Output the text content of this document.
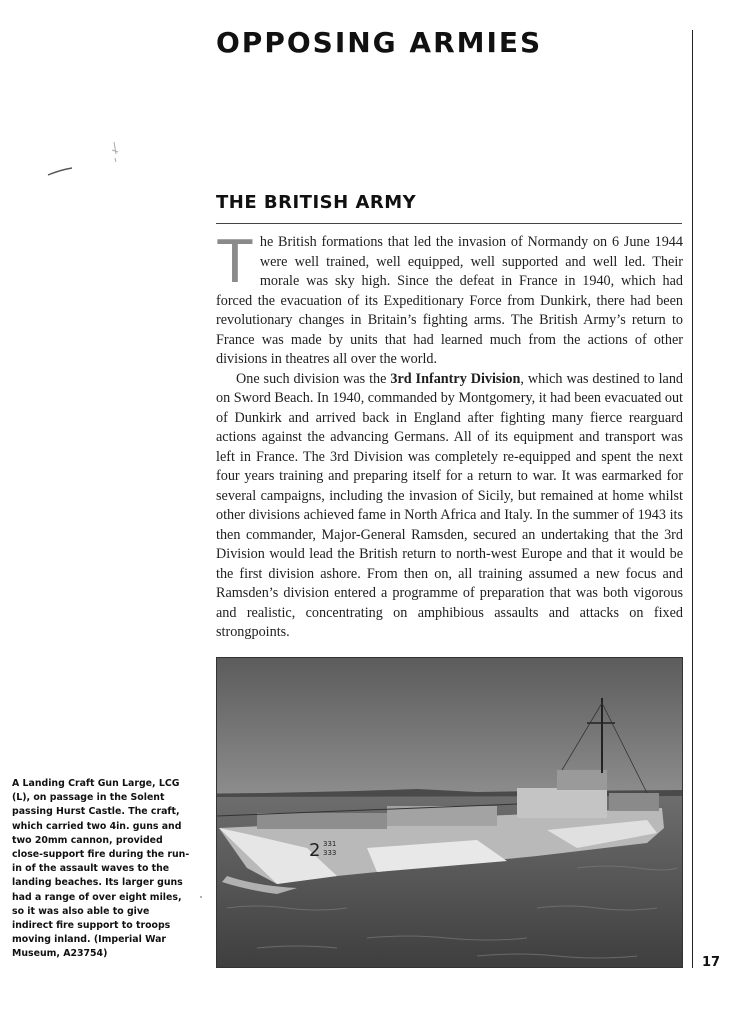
OPPOSING ARMIES
THE BRITISH ARMY

The British formations that led the invasion of Normandy on 6 June 1944 were well trained, well equipped, well supported and well led. Their morale was sky high. Since the defeat in France in 1940, which had forced the evacuation of its Expeditionary Force from Dunkirk, there had been revolutionary changes in Britain’s fighting arms. The British Army’s return to France was made by units that had learned much from the actions of other divisions in theatres all over the world.

One such division was the 3rd Infantry Division, which was destined to land on Sword Beach. In 1940, commanded by Montgomery, it had been evacuated out of Dunkirk and arrived back in England after fighting many fierce rearguard actions against the advancing Germans. All of its equipment and transport was left in France. The 3rd Division was completely re-equipped and spent the next four years training and preparing itself for a return to war. It was earmarked for several campaigns, including the invasion of Sicily, but remained at home whilst other divisions achieved fame in North Africa and Italy. In the summer of 1943 its then commander, Major-General Ramsden, secured an undertaking that the 3rd Division would lead the British return to north-west Europe and that it would be the first division ashore. From then on, all training assumed a new focus and Ramsden’s division entered a programme of preparation that was both vigorous and realistic, concentrating on amphibious assaults and attacks on fixed strongpoints.

2 331
333
A Landing Craft Gun Large, LCG (L), on passage in the Solent passing Hurst Castle. The craft, which carried two 4in. guns and two 20mm cannon, provided close-support fire during the run-in of the assault waves to the landing beaches. Its larger guns had a range of over eight miles, so it was also able to give indirect fire support to troops moving inland. (Imperial War Museum, A23754)
17
